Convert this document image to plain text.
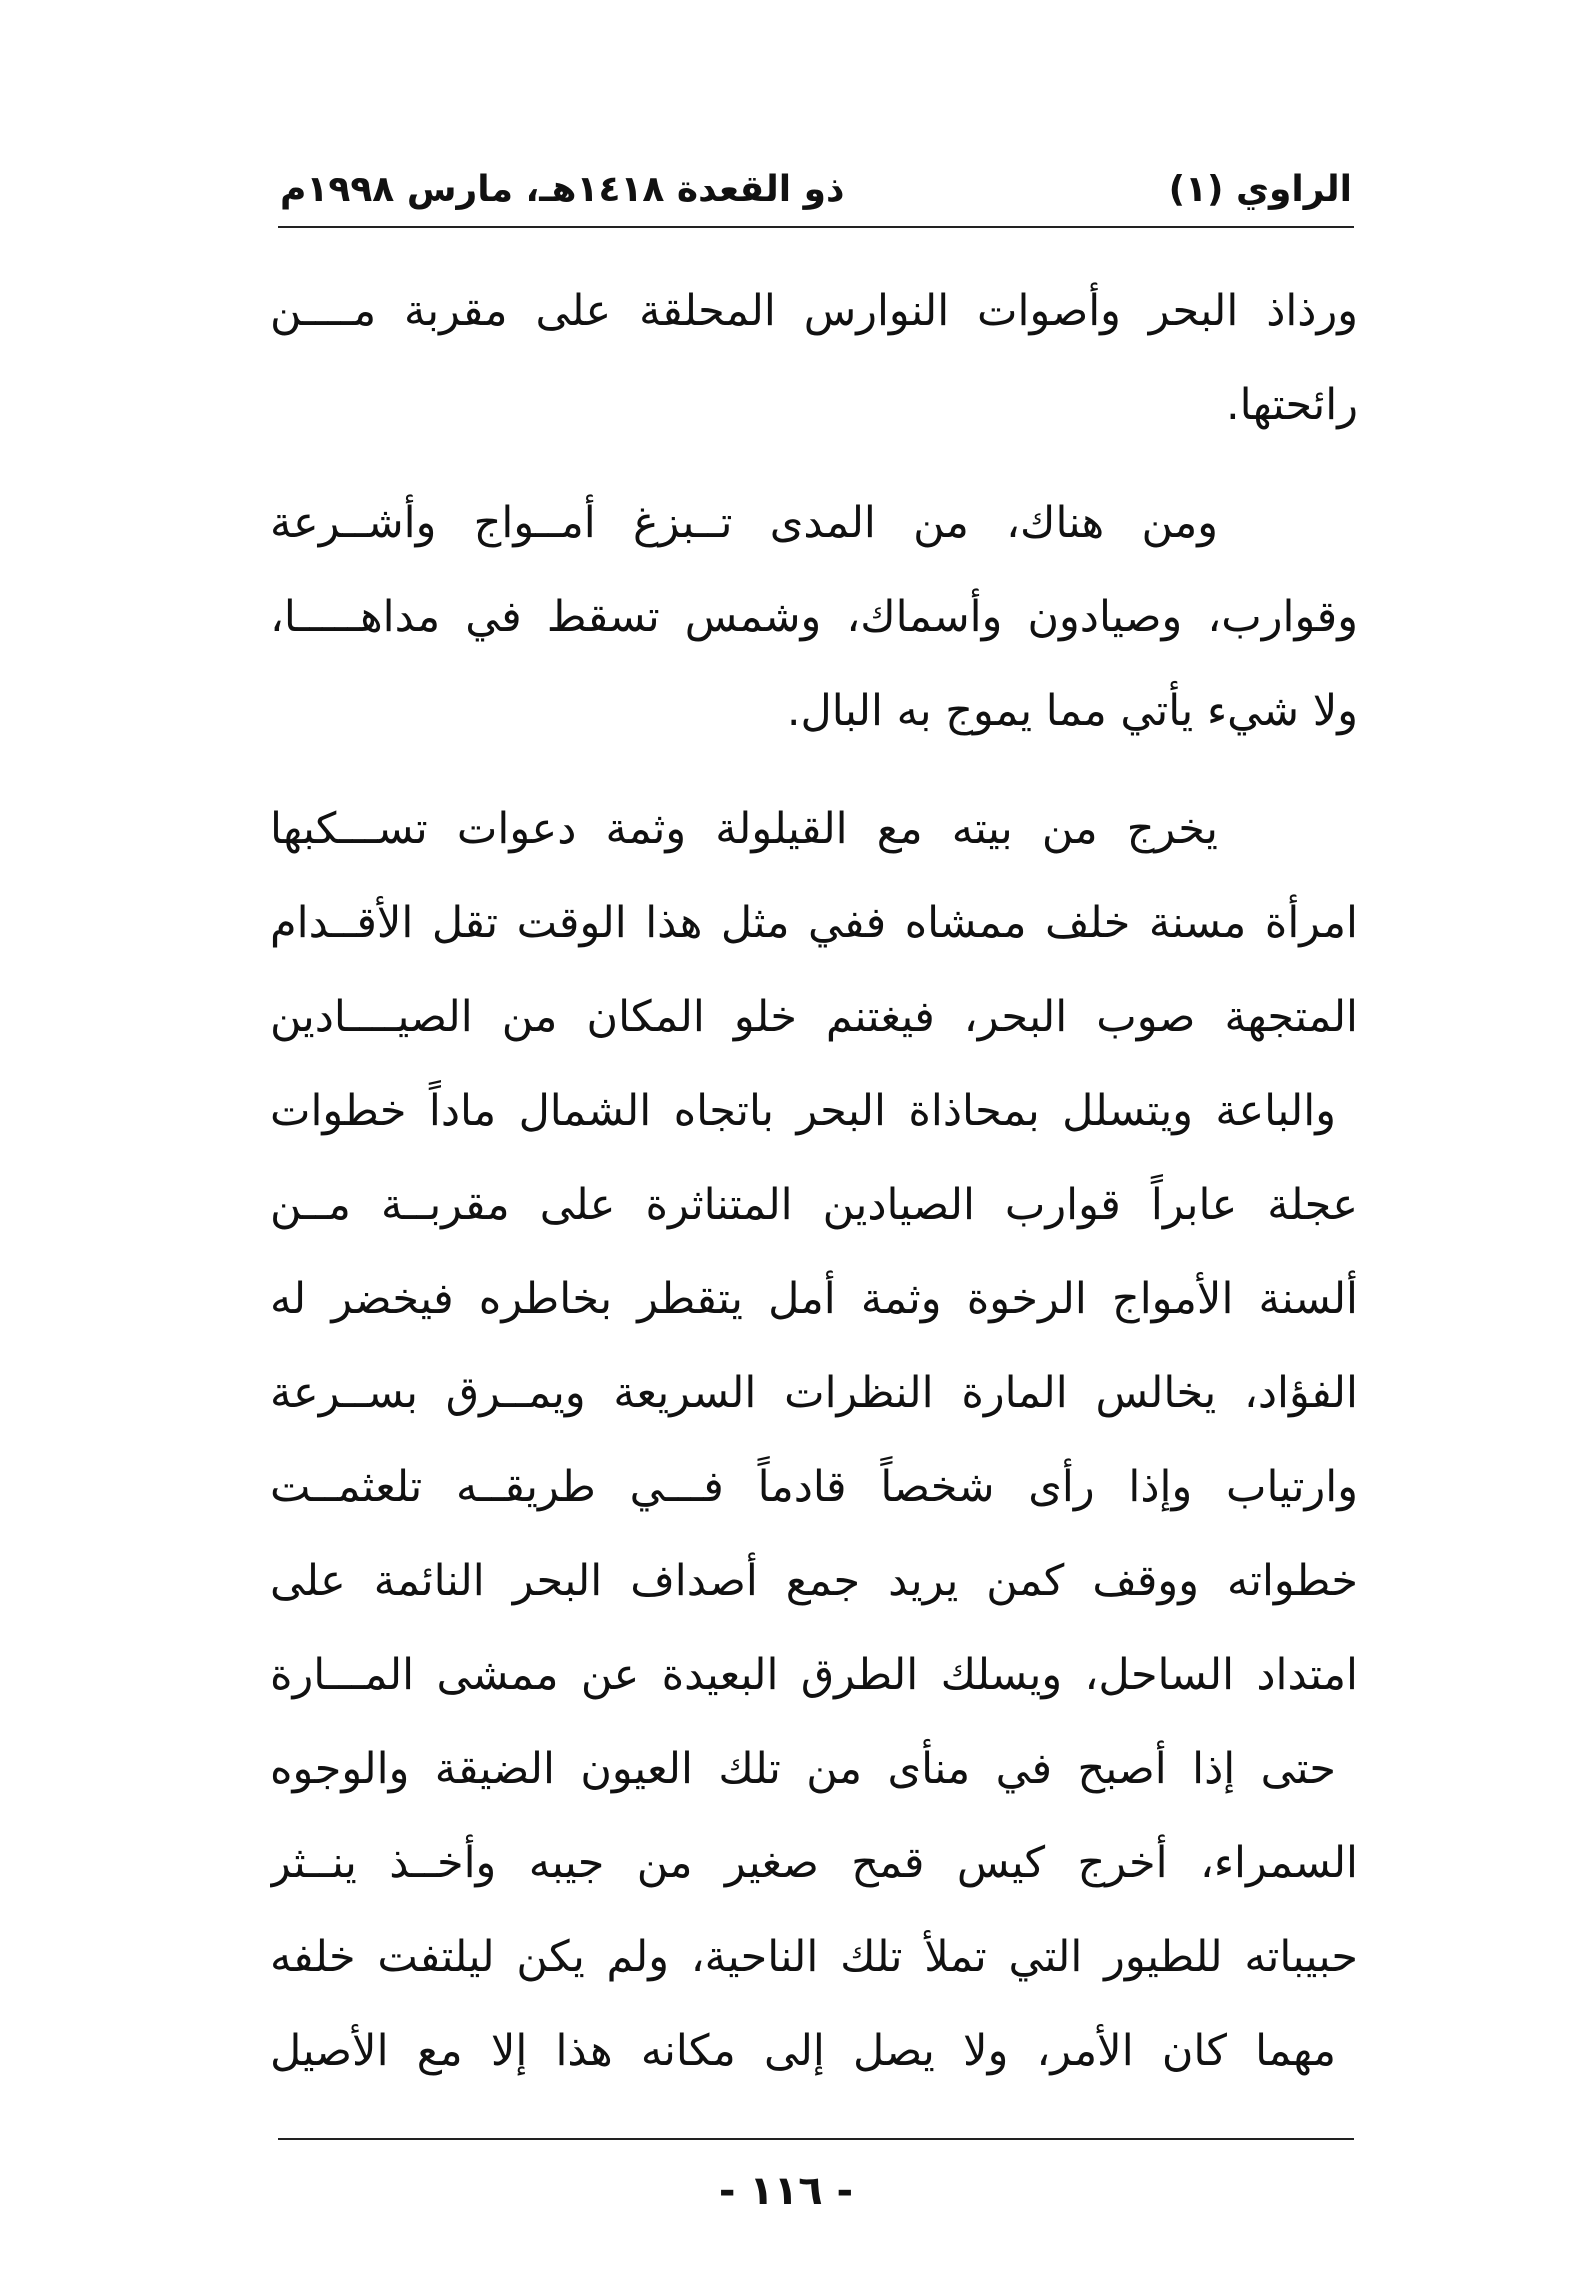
الراوي (١)
ذو القعدة ١٤١٨هـ، مارس ١٩٩٨م
ورذاذ البحر وأصوات النوارس المحلقة على مقربة مــــن
رائحتها.
ومن هناك، من المدى تــبزغ أمــواج وأشــرعة
وقوارب، وصيادون وأسماك، وشمس تسقط في مداهـــــا،
ولا شيء يأتي مما يموج به البال.
يخرج من بيته مع القيلولة وثمة دعوات تســـكبها
امرأة مسنة خلف ممشاه ففي مثل هذا الوقت تقل الأقــدام
المتجهة صوب البحر، فيغتنم خلو المكان من الصيــــادين
والباعة ويتسلل بمحاذاة البحر باتجاه الشمال ماداً خطوات
عجلة عابراً قوارب الصيادين المتناثرة على مقربــة مــن
ألسنة الأمواج الرخوة وثمة أمل يتقطر بخاطره فيخضر له
الفؤاد، يخالس المارة النظرات السريعة ويمــرق بســرعة
وارتياب وإذا رأى شخصاً قادماً فـــي طريقــه تلعثمــت
خطواته ووقف كمن يريد جمع أصداف البحر النائمة على
امتداد الساحل، ويسلك الطرق البعيدة عن ممشى المـــارة
حتى إذا أصبح في منأى من تلك العيون الضيقة والوجوه
السمراء، أخرج كيس قمح صغير من جيبه وأخــذ ينــثر
حبيباته للطيور التي تملأ تلك الناحية، ولم يكن ليلتفت خلفه
مهما كان الأمر، ولا يصل إلى مكانه هذا إلا مع الأصيل
- ١١٦ -
